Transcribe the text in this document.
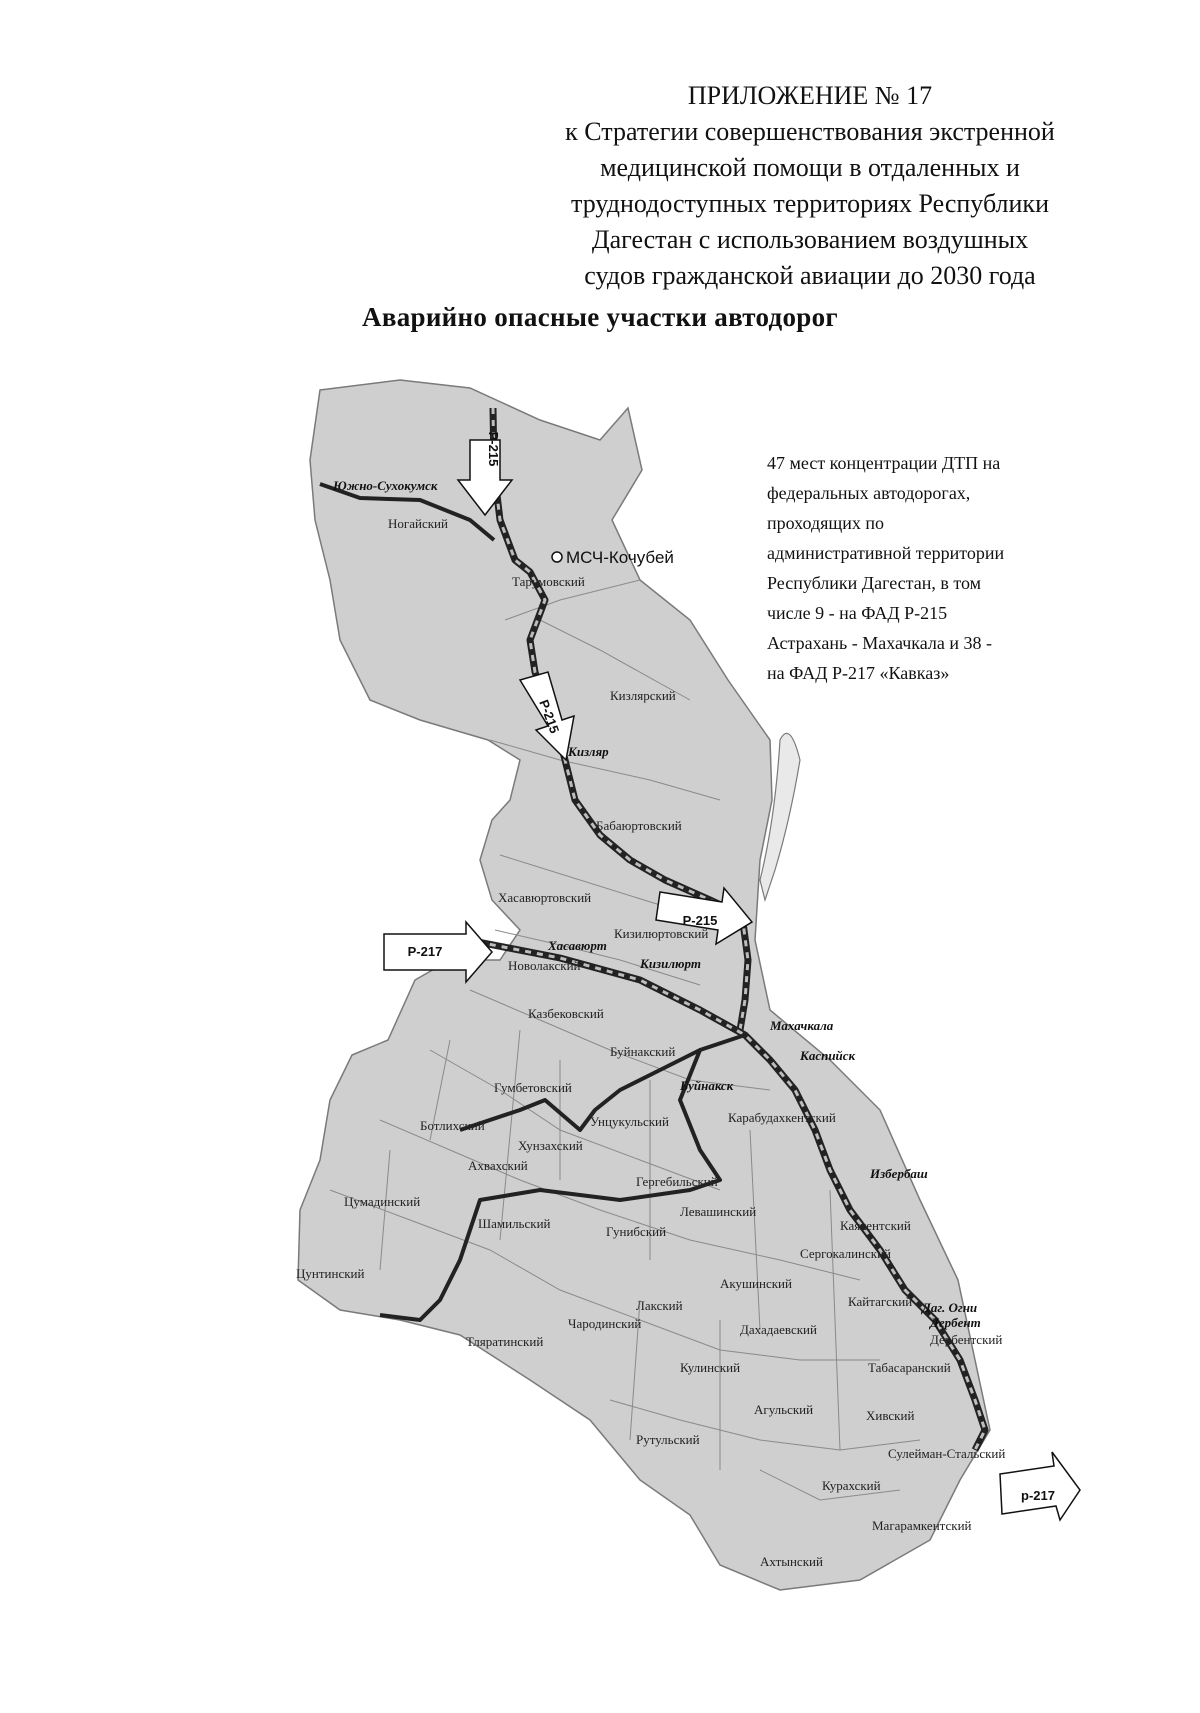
ПРИЛОЖЕНИЕ № 17
к Стратегии совершенствования экстренной
медицинской помощи в отдаленных и
труднодоступных территориях Республики
Дагестан с использованием воздушных
судов гражданской авиации до 2030 года
Аварийно опасные участки автодорог
Р-215
Р-215
Р-215
Р-217
р-217
МСЧ-Кочубей
Южно-Сухокумск
Кизляр
Хасавюрт
Кизилюрт
Махачкала
Каспийск
Буйнакск
Избербаш
Даг. Огни
Дербент
Ногайский
Тарумовский
Кизлярский
Бабаюртовский
Хасавюртовский
Кизилюртовский
Новолакский
Казбековский
Буйнакский
Гумбетовский
Ботлихский	Унцукульский	Карабудахкентский
Хунзахский
Ахвахский
Гергебильский
Цумадинский
Левашинский
Шамильский
Гунибский	Каякентский
Сергокалинский
Цунтинский
Акушинский
Лакский	Кайтагский
Чародинский	Дахадаевский
Дербентский
Тляратинский
Кулинский	Табасаранский
Агульский	Хивский
Рутульский
Сулейман-Стальский
Курахский
Магарамкентский
Ахтынский
47 мест концентрации ДТП на
федеральных автодорогах,
проходящих по
административной территории
Республики Дагестан, в том
числе 9 - на ФАД Р-215
Астрахань - Махачкала и 38 -
на ФАД Р-217 «Кавказ»
